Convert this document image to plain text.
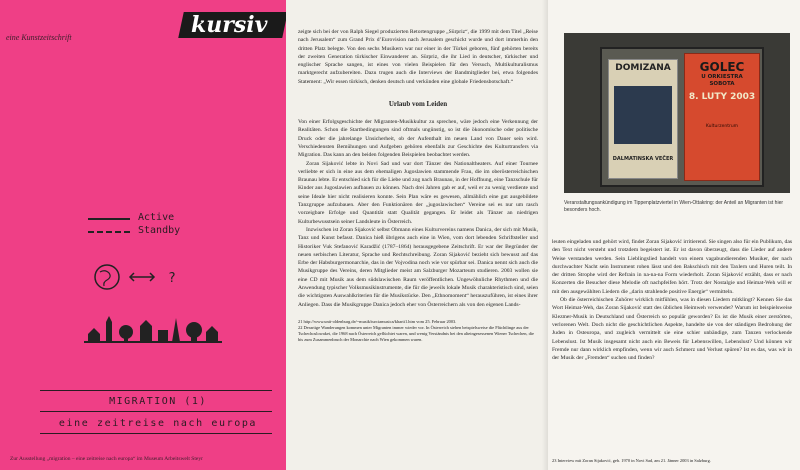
eine Kunstzeitschrift	kursiv
Active
Standby
?
MIGRATION (1)
eine zeitreise nach europa
Zur Ausstellung „migration – eine zeitreise nach europa“ im Museum Arbeitswelt Steyr

zeigte sich bei der von Ralph Siegel produzierten Retortengruppe „Sürpriz“, die 1999 mit dem Titel „Reise nach Jerusalem“ zum Grand Prix d’Eurovision nach Jerusalem geschickt wurde und dort immerhin den dritten Platz belegte. Von den sechs Musikern war nur einer in der Türkei geboren, fünf gehörten bereits der zweiten Generation türkischer Einwanderer an. Sürpriz, die ihr Lied in deutscher, türkischer und englischer Sprache sangen, ist eines von vielen Beispielen für den Versuch, Multikulturalismus marktgerecht aufzubereiten. Dazu trugen auch die Interviews der Bandmitglieder bei, etwa folgendes Statement: „Wir essen türkisch, denken deutsch und verkünden eine globale Friedensbotschaft.“

Urlaub vom Leiden

Von einer Erfolgsgeschichte der Migranten-Musikkultur zu sprechen, wäre jedoch eine Verkennung der Realitäten. Schon die Startbedingungen sind oftmals ungünstig, so ist die ökonomische oder politische Druck oder die jahrelange Unsicherheit, ob der Aufenthalt im neuen Land von Dauer sein wird. Verschiedensten Bemühungen und Aufgeben gehören ebenfalls zur Geschichte des Kulturtransfers via Migration. Das kann an den beiden folgenden Beispielen beobachtet werden.

Zoran Sijaković lebte in Novi Sad und war dort Tänzer des Nationaltheaters. Auf einer Tournee verliebte er sich in eine aus dem ehemaligen Jugoslawien stammende Frau, die im oberösterreichischen Braunau lebte. Er entschied sich für die Liebe und zog nach Braunau, in der Hoffnung, eine Tanzschule für Kinder aus Jugoslawien aufbauen zu können. Nach drei Jahren gab er auf, weil er zu wenig verdiente und seine Ideale hier nicht realisieren konnte. Sein Plan wäre es gewesen, allmählich eine gut ausgebildete Tanzgruppe aufzubauen. Aber den Funktionären der „jugoslawischen“ Vereine sei es nur um rasch vorzeigbare Erfolge und Quantität statt Qualität gegangen. Er leidet als Tänzer an niedrigen Kulturbewusstsein seiner Landsleute in Österreich.

Inzwischen ist Zoran Sijaković selbst Obmann eines Kulturvereins namens Danica, der sich mit Musik, Tanz und Kunst befasst. Danica hieß übrigens auch eine in Wien, vom dort lebenden Schriftsteller und Historiker Vuk Stefanović Karadžić (1787–1864) herausgegebene Zeitschrift. Er war der Begründer der neuen serbischen Literatur, Sprache und Rechtschreibung. Zoran Sijaković bezieht sich bewusst auf das Erbe der Habsburgermonarchie, das in der Vojvodina noch wie vor spürbar sei. Danica nennt sich auch die Musikgruppe des Vereins, deren Mitglieder meist am Salzburger Mozarteum studieren. 2003 wollen sie eine CD mit Musik aus dem südslawischen Raum veröffentlichen. Ungewöhnliche Rhythmen und die Anwendung typischer Volksmusikinstrumente, die für die jeweils lokale Musik charakteristisch sind, seien die wichtigsten Auswahlkriterien für die Musikstücke. Den „Ethnomoment“ herauszuführen, ist eines ihrer Anliegen. Dass die Musikgruppe Danica jedoch eher von Österreichern als von den eigenen Lands-

21 http://www.unit-oldenburg.de/~musik/turciamusica/kharti1.htm vom 25. Februar 2003.
22 Derartige Wanderungen kommen unter Migranten immer wieder vor. In Österreich stehen beispielsweise die Flüchtlinge aus der Tschechoslowakei, die 1968 nach Österreich geflüchtet waren, und wenig Verständnis bei den alteingesessenen Wiener Tschechen, die bis zum Zusammenbruch der Monarchie nach Wien gekommen waren.
DOMIZANA
DALMATINSKA VEČER
GOLEC
U ORKIESTRA
SOBOTA
8. LUTY 2003
Kulturzentrum
Veranstaltungsankündigung im Tippenplatzviertel in Wien-Ottakring: der Anteil an Migranten ist hier besonders hoch.

leuten eingeladen und gehört wird, findet Zoran Sijaković irritierend. Sie singen also für ein Publikum, das den Text nicht versteht und trotzdem begeistert ist. Er ist davon überzeugt, dass die Lieder auf andere Weise verstanden werden. Sein Lieblingslied handelt von einem vagabundierenden Musiker, der nach durchwachter Nacht sein Instrument rohen lässt und den Bakschisch mit den Taxlern und Huren teilt. In der dritten Strophe wird der Refrain in na-na-na Form wiederholt. Zoran Sijaković erzählt, dass er nach Konzerten die Besucher diese Melodie oft nachpfeifen hört. Trotz der Nostalgie und Heimat-Weh will er mit den ausgewählten Liedern die „darin strahlende positive Energie“ vermitteln.

Ob die österreichischen Zuhörer wirklich mitfühlen, was in diesen Liedern mitklingt? Kennen Sie das Wort Heimat-Weh, das Zoran Sijaković statt des üblichen Heimweh verwendet? Warum ist beispielsweise Klezmer-Musik in Deutschland und Österreich so populär geworden? Es ist die Musik einer zerstörten, verlorenen Welt. Doch nicht die geschichtlichen Aspekte, handelte sie von der ständigen Bedrohung der Juden in Osteuropa, und zugleich vermittelt sie eine schier unbändige, zum Tanzen verlockende Lebenslust. Ist Musik insgesamt nicht auch ein Beweis für Lebenswillen, Lebenslust? Und können wir Fremde nur dann wirklich empfinden, wenn wir auch Schmerz und Verlust spüren? Ist es das, was wir in der Musik der „Fremden“ suchen und finden?

23 Interview mit Zoran Sijaković, geb. 1970 in Novi Sad, am 21. Jänner 2003 in Salzburg.
